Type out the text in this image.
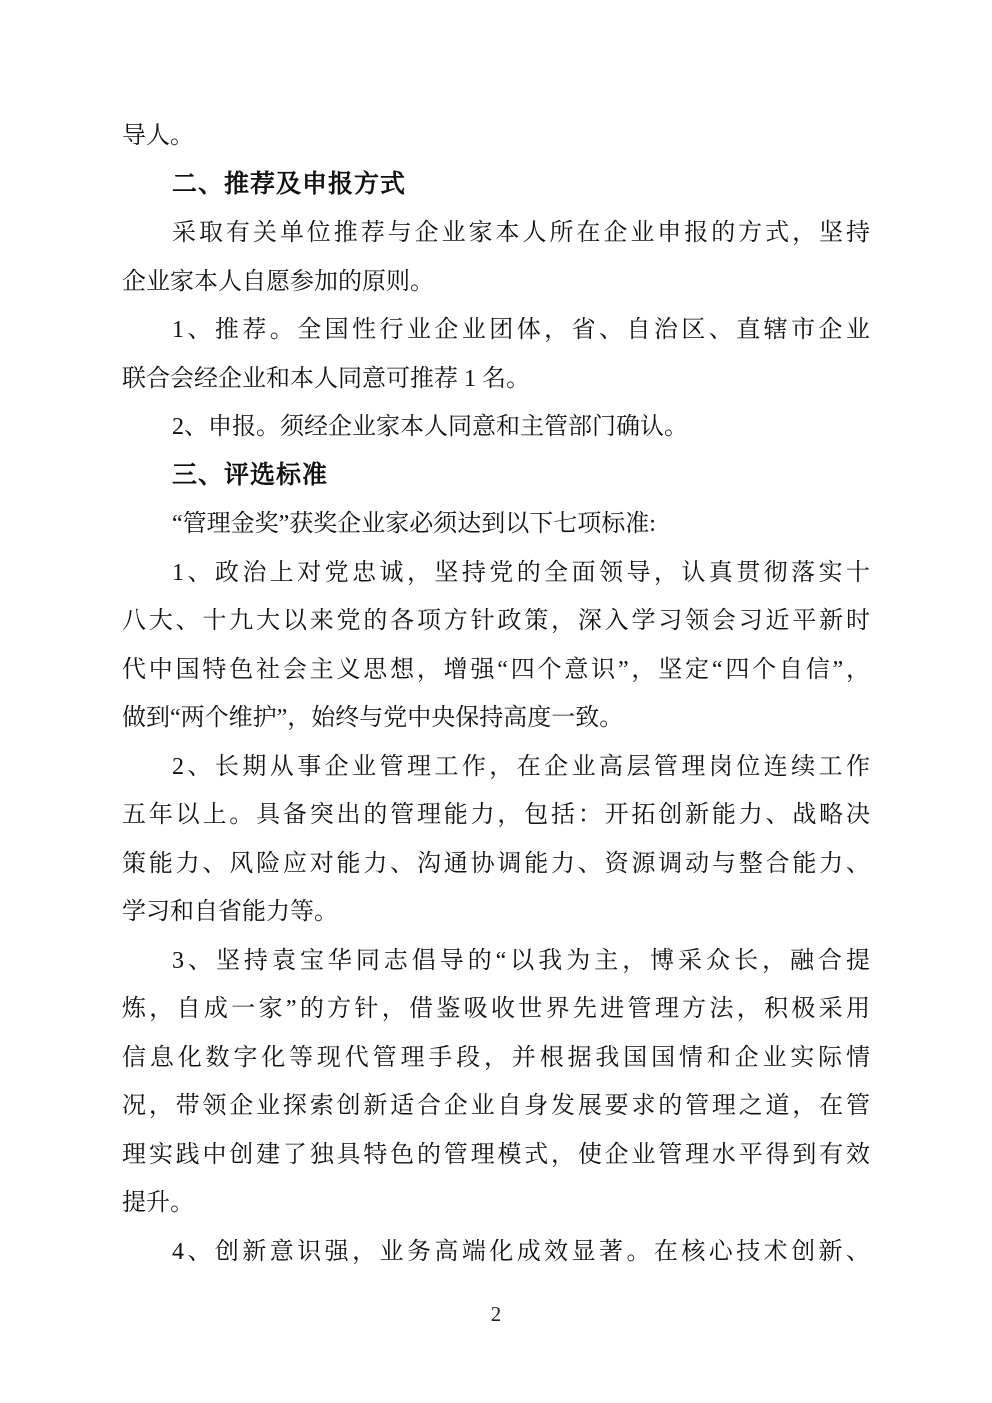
导人。
二、推荐及申报方式
采取有关单位推荐与企业家本人所在企业申报的方式，坚持
企业家本人自愿参加的原则。
1、推荐。全国性行业企业团体，省、自治区、直辖市企业
联合会经企业和本人同意可推荐 1 名。
2、申报。须经企业家本人同意和主管部门确认。
三、评选标准
“管理金奖”获奖企业家必须达到以下七项标准:
1、政治上对党忠诚，坚持党的全面领导，认真贯彻落实十
八大、十九大以来党的各项方针政策，深入学习领会习近平新时
代中国特色社会主义思想，增强“四个意识”，坚定“四个自信”，
做到“两个维护”，始终与党中央保持高度一致。
2、长期从事企业管理工作，在企业高层管理岗位连续工作
五年以上。具备突出的管理能力，包括：开拓创新能力、战略决
策能力、风险应对能力、沟通协调能力、资源调动与整合能力、
学习和自省能力等。
3、坚持袁宝华同志倡导的“以我为主，博采众长，融合提
炼，自成一家”的方针，借鉴吸收世界先进管理方法，积极采用
信息化数字化等现代管理手段，并根据我国国情和企业实际情
况，带领企业探索创新适合企业自身发展要求的管理之道，在管
理实践中创建了独具特色的管理模式，使企业管理水平得到有效
提升。
4、创新意识强，业务高端化成效显著。在核心技术创新、
2
